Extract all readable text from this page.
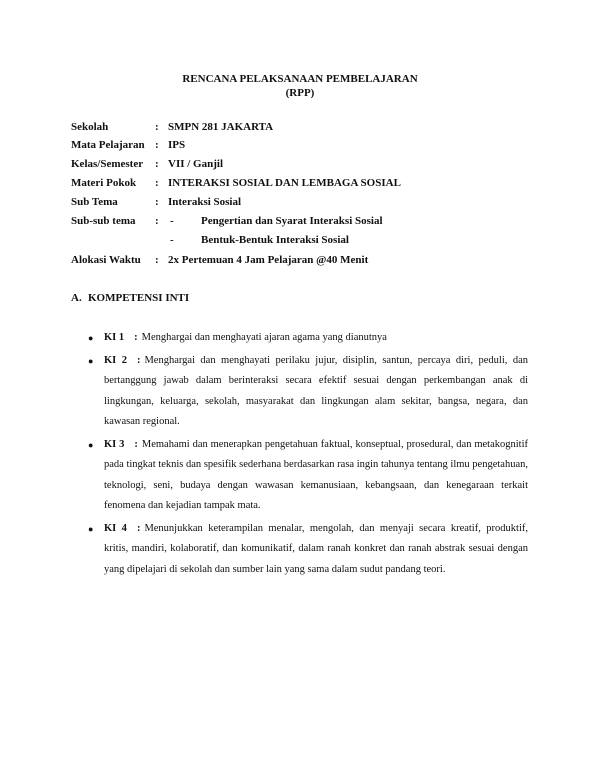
RENCANA PELAKSANAAN PEMBELAJARAN
(RPP)
Sekolah	: SMPN 281 JAKARTA
Mata Pelajaran : IPS
Kelas/Semester : VII / Ganjil
Materi Pokok : INTERAKSI SOSIAL DAN LEMBAGA SOSIAL
Sub Tema	: Interaksi Sosial
Sub-sub tema : - Pengertian dan Syarat Interaksi Sosial
- Bentuk-Bentuk Interaksi Sosial
Alokasi Waktu : 2x Pertemuan 4 Jam Pelajaran @40 Menit
A. KOMPETENSI INTI
● KI 1 : Menghargai dan menghayati ajaran agama yang dianutnya
● KI 2 : Menghargai dan menghayati perilaku jujur, disiplin, santun, percaya diri, peduli, dan bertanggung jawab dalam berinteraksi secara efektif sesuai dengan perkembangan anak di lingkungan, keluarga, sekolah, masyarakat dan lingkungan alam sekitar, bangsa, negara, dan kawasan regional.
● KI 3 : Memahami dan menerapkan pengetahuan faktual, konseptual, prosedural, dan metakognitif pada tingkat teknis dan spesifik sederhana berdasarkan rasa ingin tahunya tentang ilmu pengetahuan, teknologi, seni, budaya dengan wawasan kemanusiaan, kebangsaan, dan kenegaraan terkait fenomena dan kejadian tampak mata.
● KI 4 : Menunjukkan keterampilan menalar, mengolah, dan menyaji secara kreatif, produktif, kritis, mandiri, kolaboratif, dan komunikatif, dalam ranah konkret dan ranah abstrak sesuai dengan yang dipelajari di sekolah dan sumber lain yang sama dalam sudut pandang teori.
